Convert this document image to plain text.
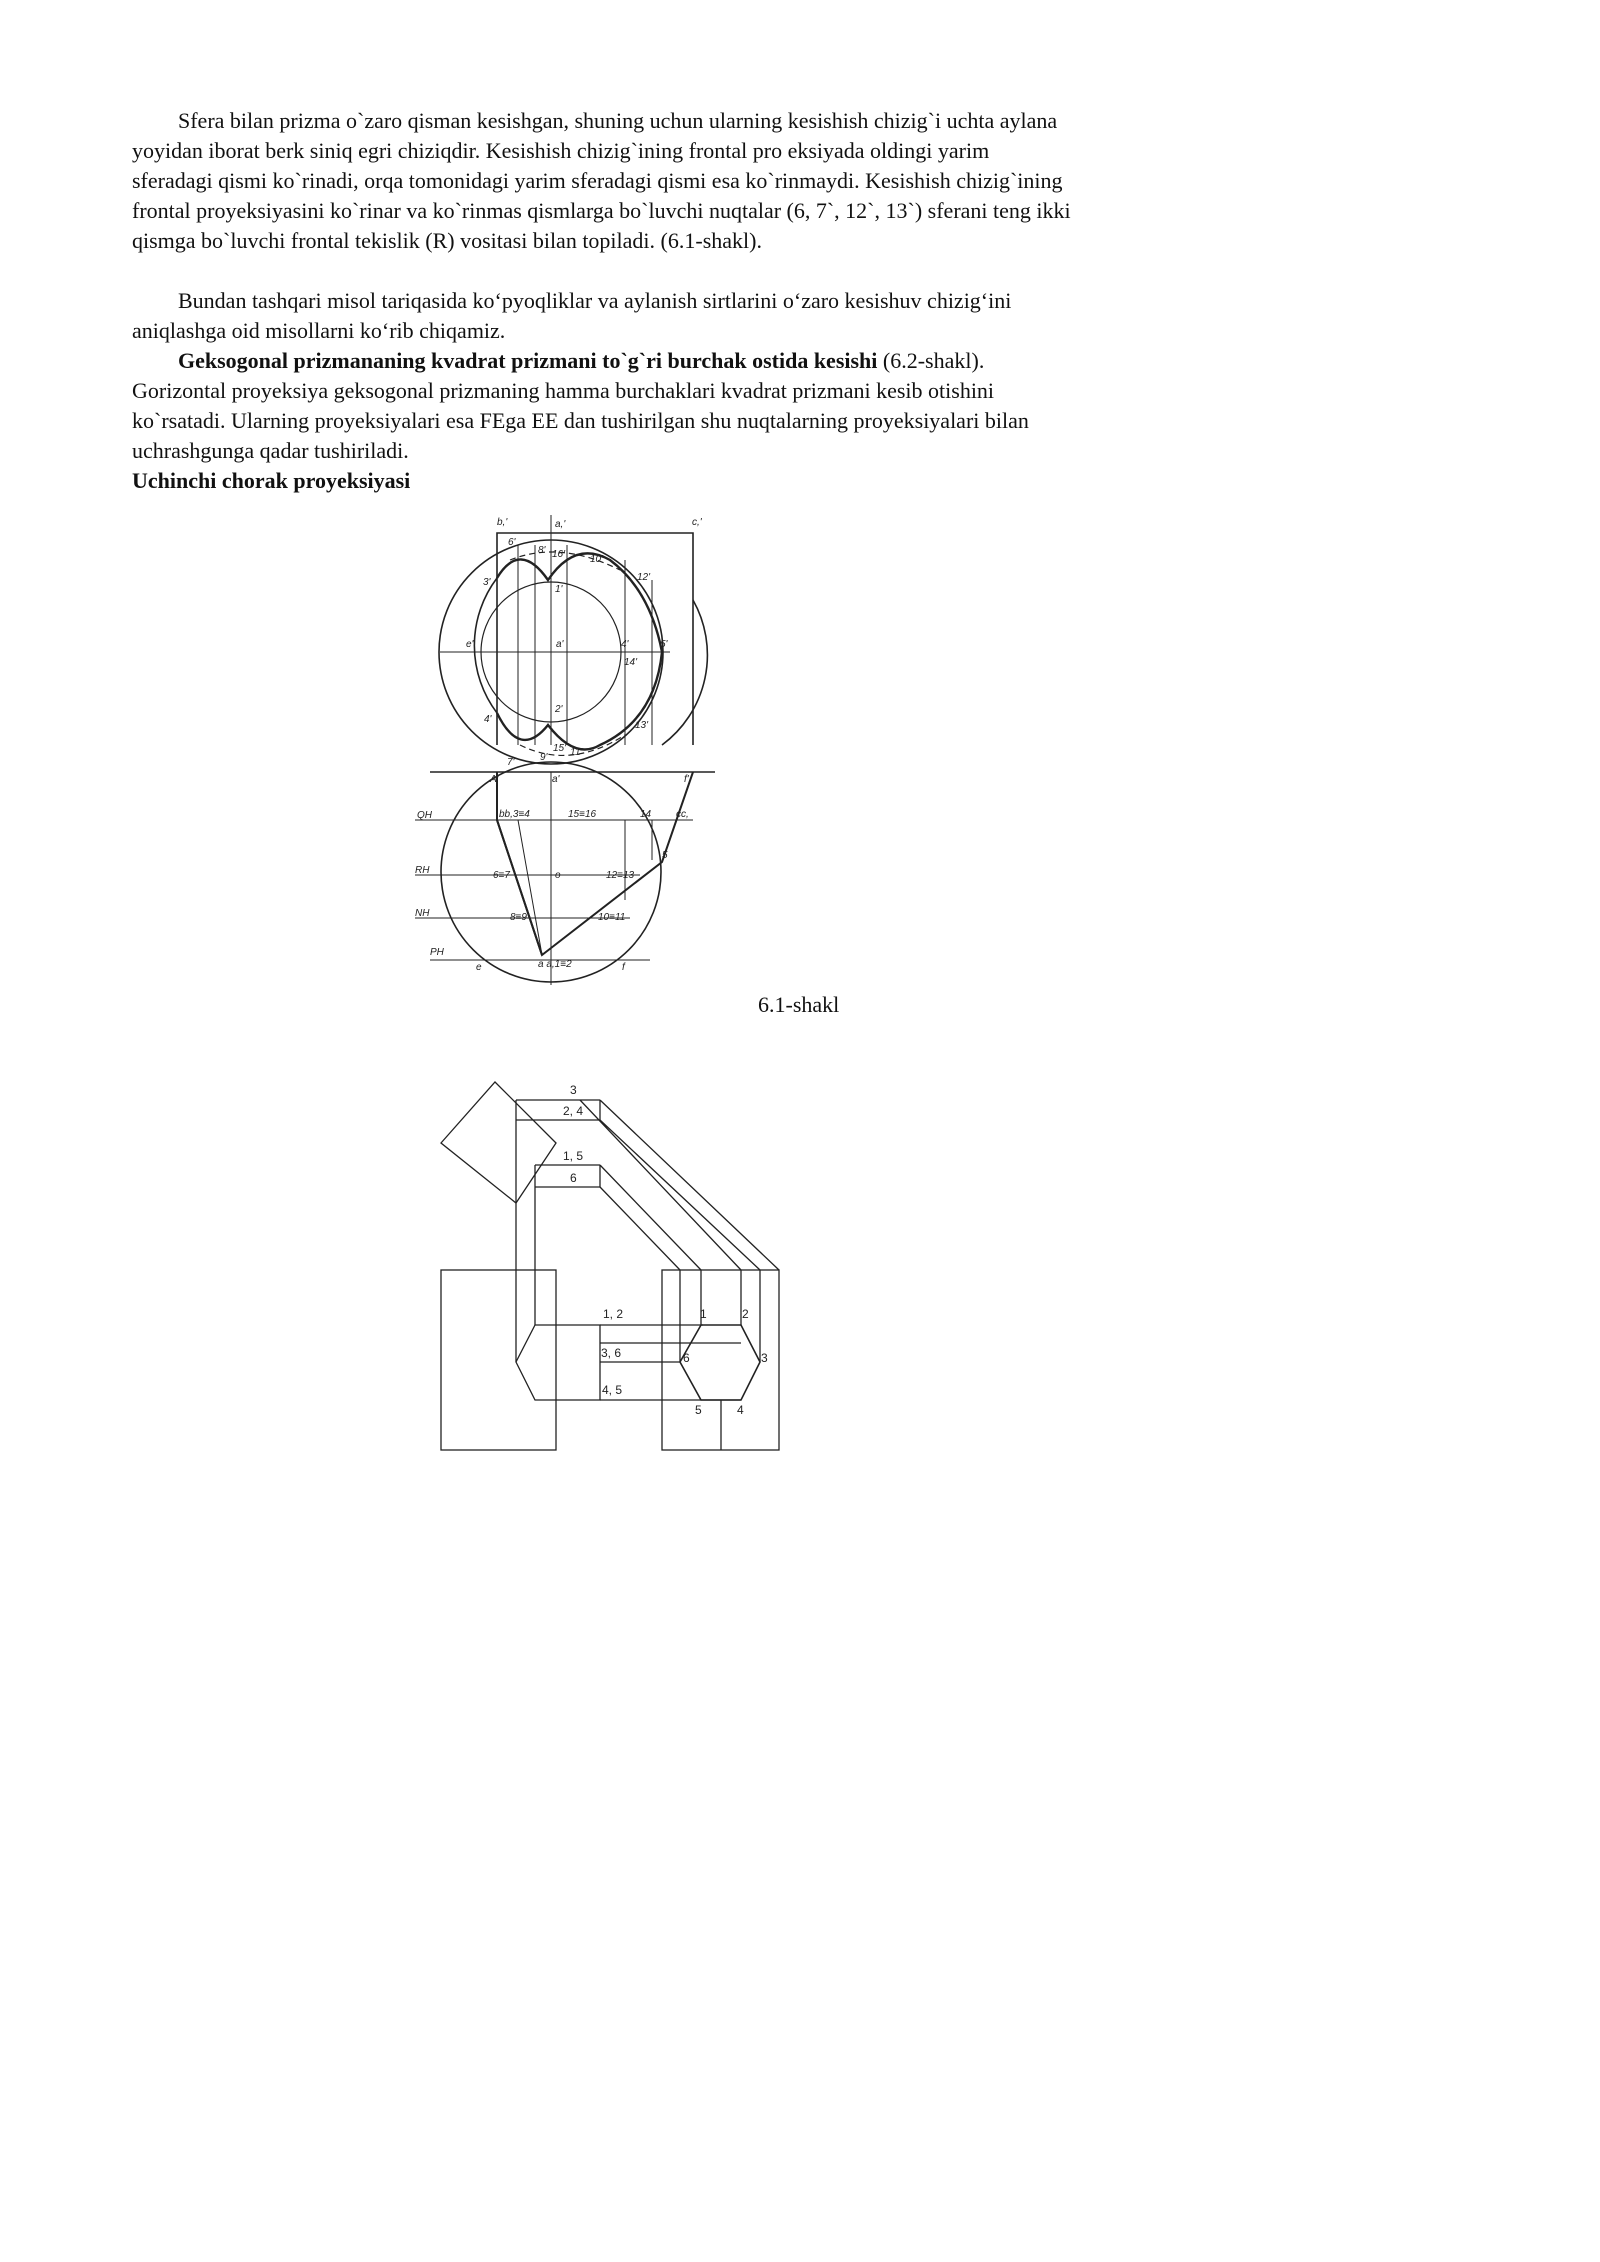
Sfera bilan prizma o`zaro qisman kesishgan, shuning uchun ularning kesishish chizig`i uchta aylana yoyidan iborat berk siniq egri chiziqdir. Kesishish chizig`ining frontal pro eksiyada oldingi yarim sferadagi qismi ko`rinadi, orqa tomonidagi yarim sferadagi qismi esa ko`rinmaydi. Kesishish chizig`ining frontal proyeksiyasini ko`rinar va ko`rinmas qismlarga bo`luvchi nuqtalar (6, 7`, 12`, 13`) sferani teng ikki qismga bo`luvchi frontal tekislik (R) vositasi bilan topiladi. (6.1-shakl).

Bundan tashqari misol tariqasida ko‘pyoqliklar va aylanish sirtlarini o‘zaro kesishuv chizig‘ini aniqlashga oid misollarni ko‘rib chiqamiz.

Geksogonal prizmananing kvadrat prizmani to`g`ri burchak ostida kesishi (6.2-shakl). Gorizontal proyeksiya geksogonal prizmaning hamma burchaklari kvadrat prizmani kesib otishini ko`rsatadi. Ularning proyeksiyalari esa FEga EE dan tushirilgan shu nuqtalarning proyeksiyalari bilan uchrashgunga qadar tushiriladi.

Uchinchi chorak proyeksiyasi

b,'	a,'	c,'
6'
8' 16' 10'
3'	12'
1'
e'	a'	4'
14'
5'
4'
2'
13'
7'	9'
15' 11'
A'	a'	f'
QH	bb,3≡4	15≡16	14 cc,
RH	6≡7	o	12≡13
5
NH	8≡9	10≡11
PH
e	a a,1≡2	f

6.1-shakl

3
2, 4
1, 5
6
1, 2
3, 6
4, 5
1	2
6	3
5	4
